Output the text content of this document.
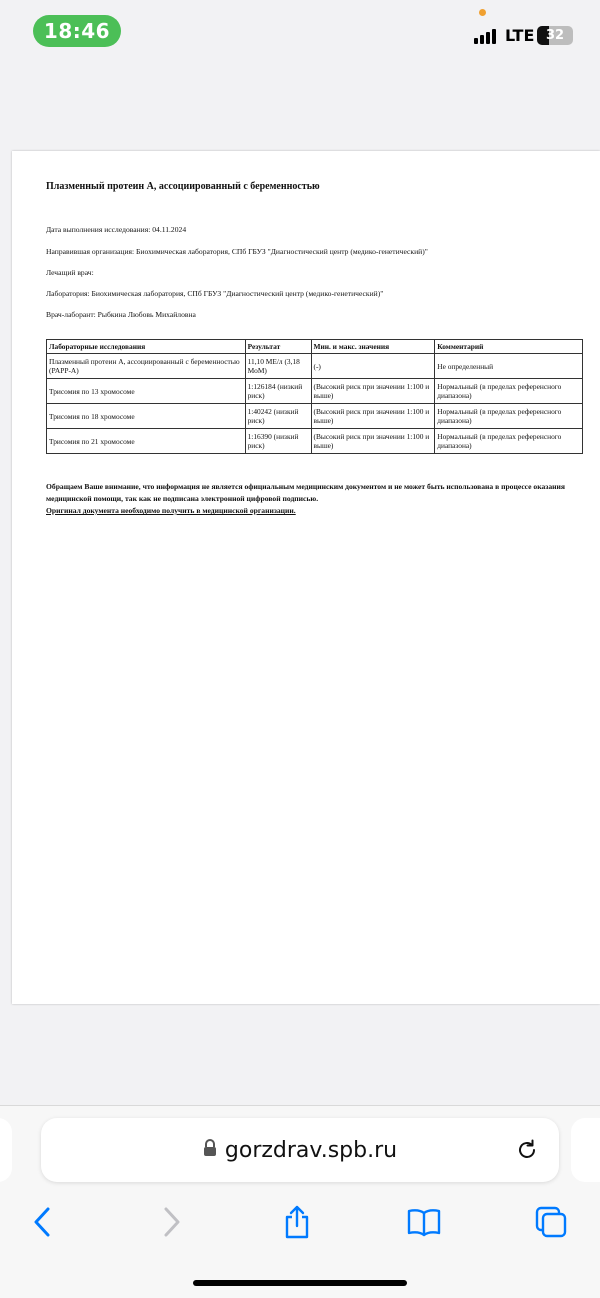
18:46	LTE 32
Плазменный протеин А, ассоциированный с беременностью
Дата выполнения исследования: 04.11.2024
Направившая организация: Биохимическая лаборатория, СПб ГБУЗ "Диагностический центр (медико-генетический)"
Лечащий врач:
Лаборатория: Биохимическая лаборатория, СПб ГБУЗ "Диагностический центр (медико-генетический)"
Врач-лаборант: Рыбкина Любовь Михайловна
Лабораторные исследования	Результат	Мин. и макс. значения	Комментарий
Плазменный протеин А, ассоциированный с беременностью (PAPP-A)	11,10 МЕ/л (3,18 MoM)	(-)	Не определенный
Трисомия по 13 хромосоме	1:126184 (низкий риск)	(Высокий риск при значении 1:100 и выше)	Нормальный (в пределах референсного диапазона)
Трисомия по 18 хромосоме	1:40242 (низкий риск)	(Высокий риск при значении 1:100 и выше)	Нормальный (в пределах референсного диапазона)
Трисомия по 21 хромосоме	1:16390 (низкий риск)	(Высокий риск при значении 1:100 и выше)	Нормальный (в пределах референсного диапазона)
Обращаем Ваше внимание, что информация не является официальным медицинским документом и не может быть использована в процессе оказания медицинской помощи, так как не подписана электронной цифровой подписью.
Оригинал документа необходимо получить в медицинской организации.
gorzdrav.spb.ru
